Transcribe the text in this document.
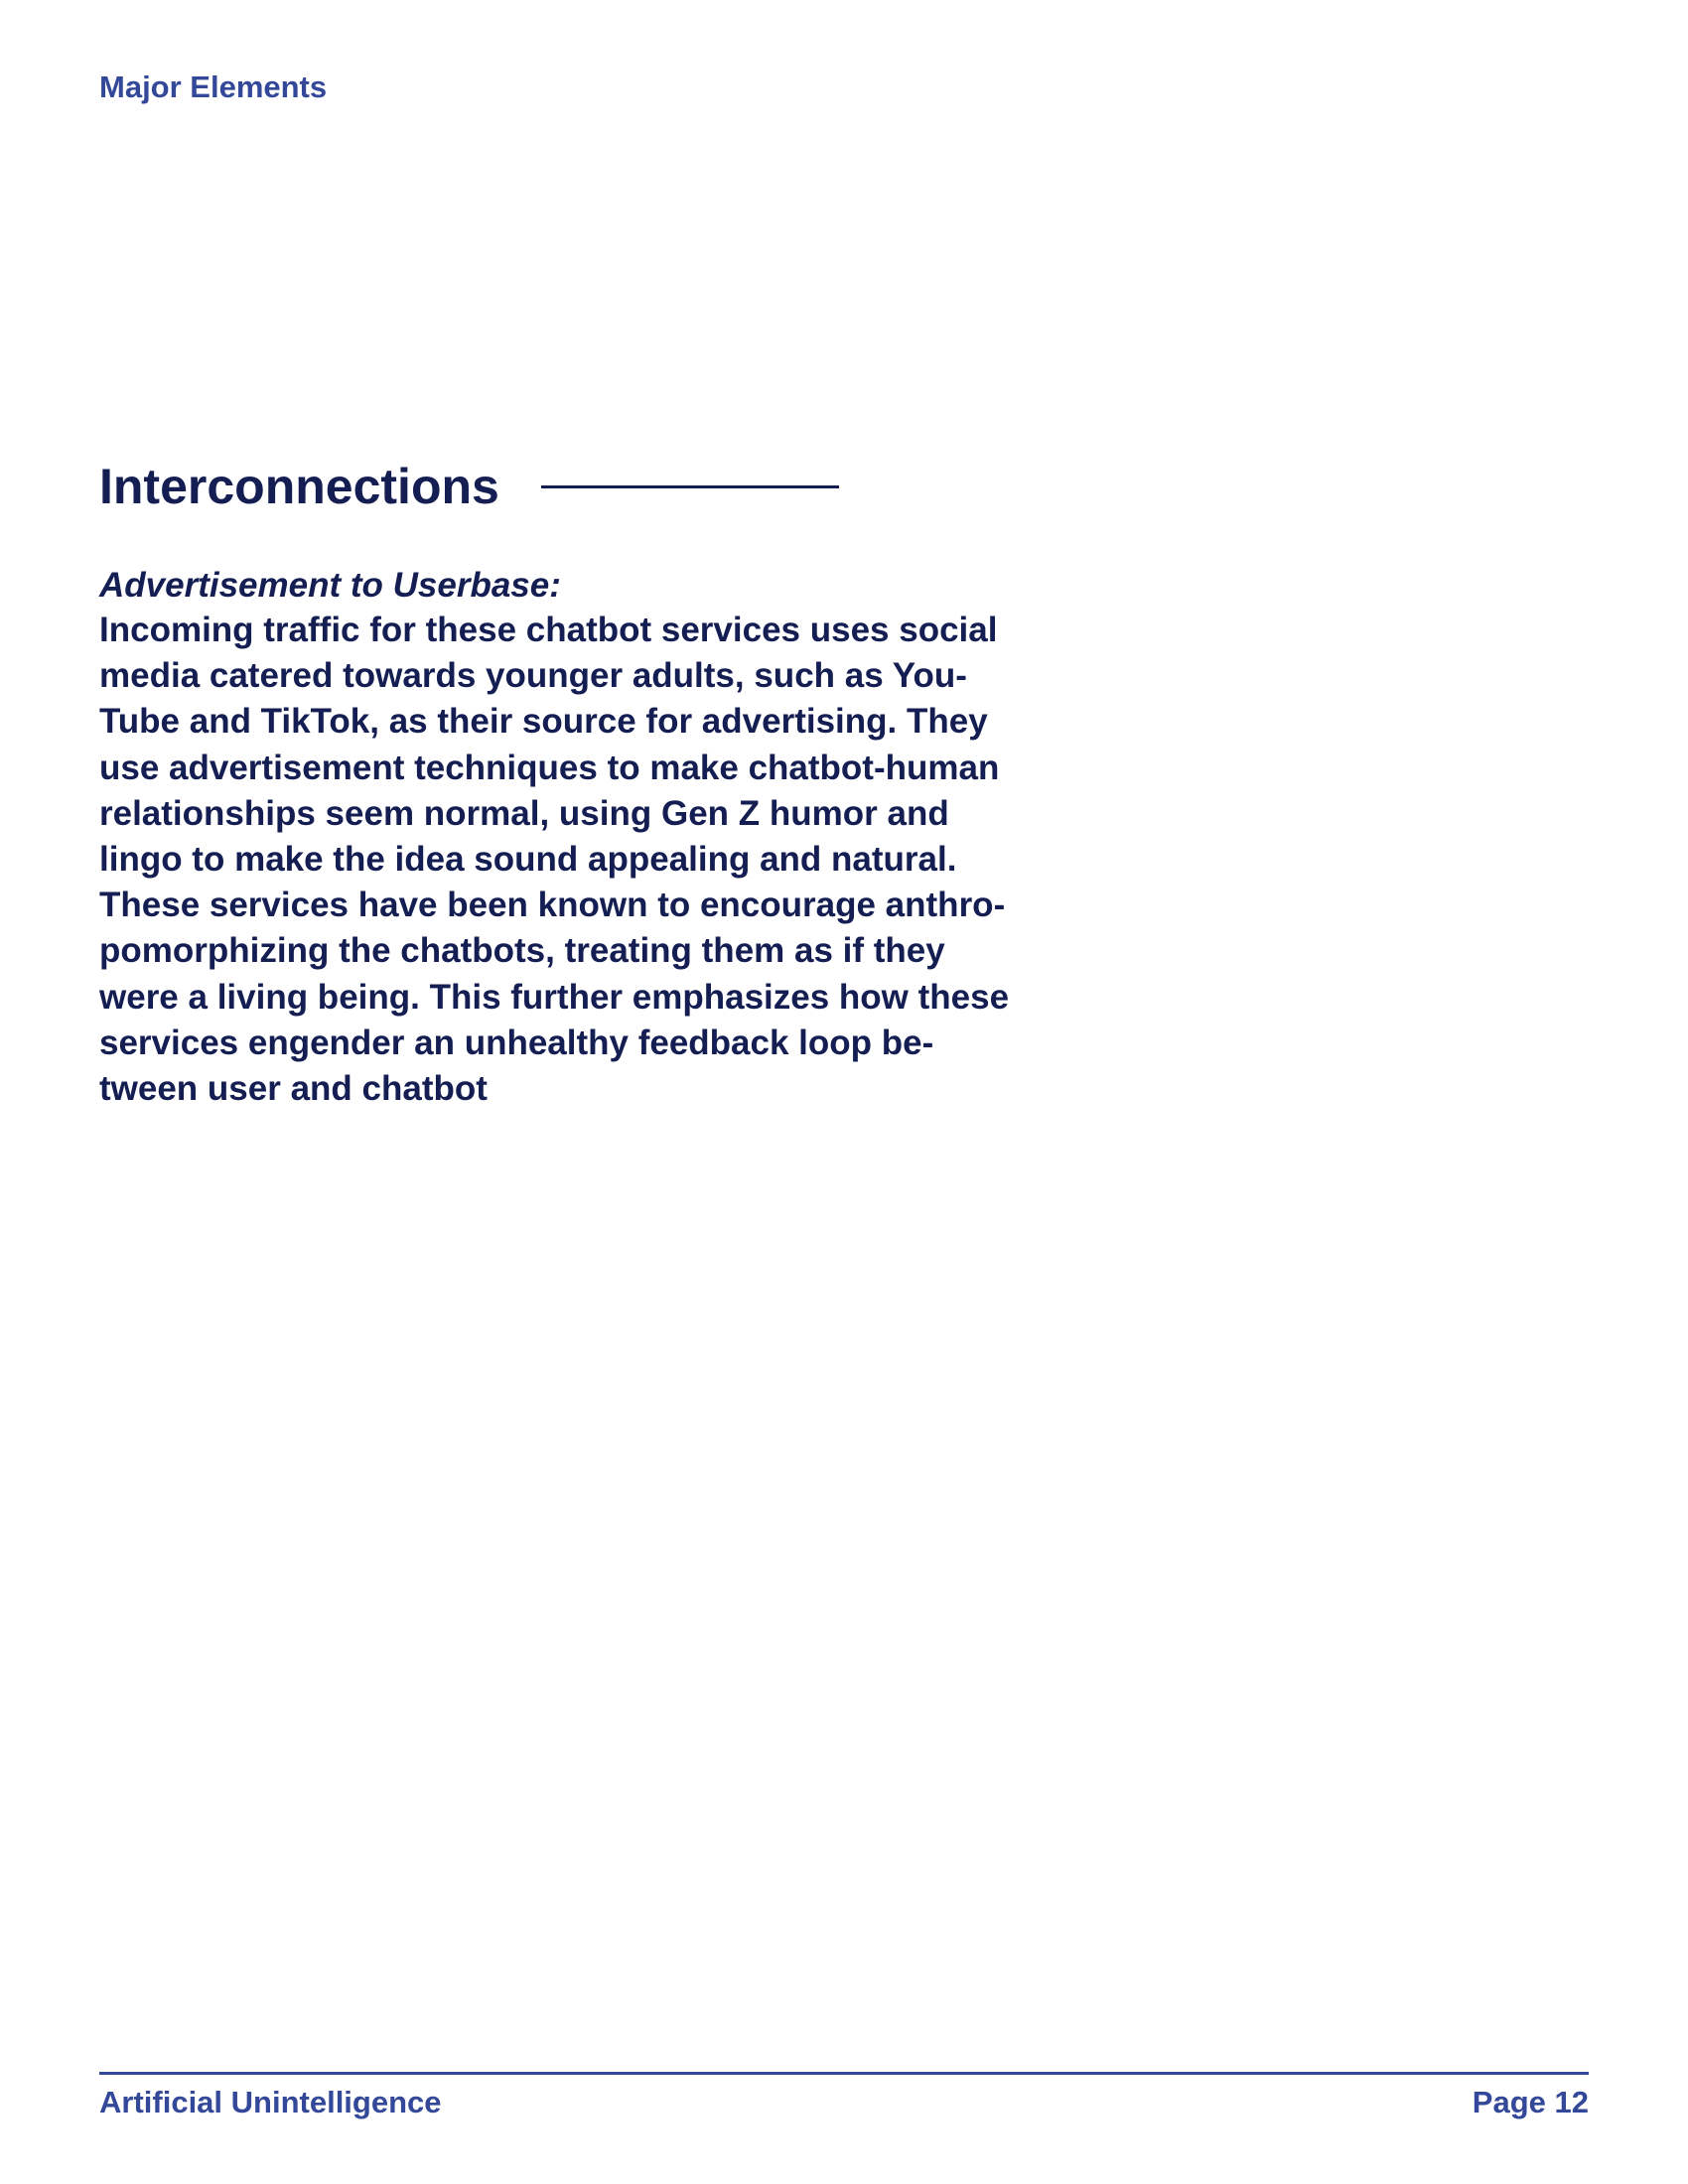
Major Elements
Interconnections
Advertisement to Userbase:
Incoming traffic for these chatbot services uses social
media catered towards younger adults, such as You-
Tube and TikTok, as their source for advertising. They
use advertisement techniques to make chatbot-human
relationships seem normal, using Gen Z humor and
lingo to make the idea sound appealing and natural.
These services have been known to encourage anthro-
pomorphizing the chatbots, treating them as if they
were a living being. This further emphasizes how these
services engender an unhealthy feedback loop be-
tween user and chatbot
Artificial Unintelligence	Page 12
